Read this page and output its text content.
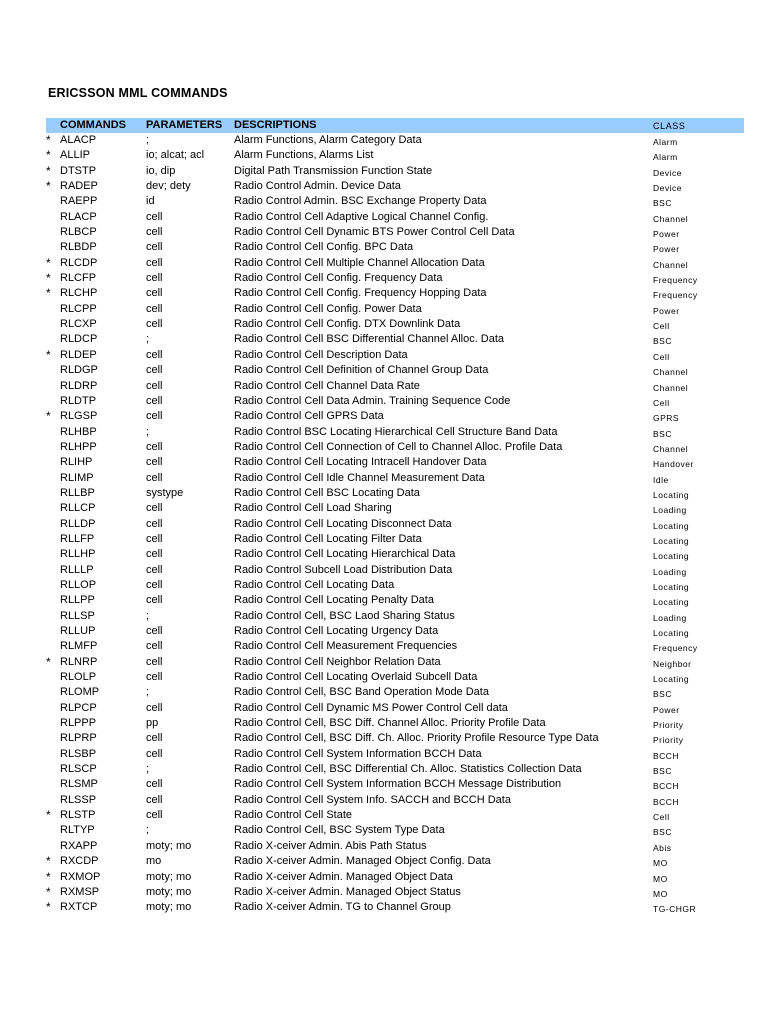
ERICSSON MML COMMANDS
COMMANDS PARAMETERS DESCRIPTIONS	CLASS
* ALACP	;	Alarm Functions, Alarm Category Data	Alarm
* ALLIP	io; alcat; acl	Alarm Functions, Alarms List	Alarm
* DTSTP	io, dip	Digital Path Transmission Function State	Device
* RADEP	dev; dety	Radio Control Admin. Device Data	Device
RAEPP	id	Radio Control Admin. BSC Exchange Property Data	BSC
RLACP	cell	Radio Control Cell Adaptive Logical Channel Config.	Channel
RLBCP	cell	Radio Control Cell Dynamic BTS Power Control Cell Data	Power
RLBDP	cell	Radio Control Cell Config. BPC Data	Power
* RLCDP	cell	Radio Control Cell Multiple Channel Allocation Data	Channel
* RLCFP	cell	Radio Control Cell Config. Frequency Data	Frequency
* RLCHP	cell	Radio Control Cell Config. Frequency Hopping Data	Frequency
RLCPP	cell	Radio Control Cell Config. Power Data	Power
RLCXP	cell	Radio Control Cell Config. DTX Downlink Data	Cell
RLDCP	;	Radio Control Cell BSC Differential Channel Alloc. Data	BSC
* RLDEP	cell	Radio Control Cell Description Data	Cell
RLDGP	cell	Radio Control Cell Definition of Channel Group Data	Channel
RLDRP	cell	Radio Control Cell Channel Data Rate	Channel
RLDTP	cell	Radio Control Cell Data Admin. Training Sequence Code	Cell
* RLGSP	cell	Radio Control Cell GPRS Data	GPRS
RLHBP	;	Radio Control BSC Locating Hierarchical Cell Structure Band Data	BSC
RLHPP	cell	Radio Control Cell Connection of Cell to Channel Alloc. Profile Data	Channel
RLIHP	cell	Radio Control Cell Locating Intracell Handover Data	Handover
RLIMP	cell	Radio Control Cell Idle Channel Measurement Data	Idle
RLLBP	systype	Radio Control Cell BSC Locating Data	Locating
RLLCP	cell	Radio Control Cell Load Sharing	Loading
RLLDP	cell	Radio Control Cell Locating Disconnect Data	Locating
RLLFP	cell	Radio Control Cell Locating Filter Data	Locating
RLLHP	cell	Radio Control Cell Locating Hierarchical Data	Locating
RLLLP	cell	Radio Control Subcell Load Distribution Data	Loading
RLLOP	cell	Radio Control Cell Locating Data	Locating
RLLPP	cell	Radio Control Cell Locating Penalty Data	Locating
RLLSP	;	Radio Control Cell, BSC Laod Sharing Status	Loading
RLLUP	cell	Radio Control Cell Locating Urgency Data	Locating
RLMFP	cell	Radio Control Cell Measurement Frequencies	Frequency
* RLNRP	cell	Radio Control Cell Neighbor Relation Data	Neighbor
RLOLP	cell	Radio Control Cell Locating Overlaid Subcell Data	Locating
RLOMP	;	Radio Control Cell, BSC Band Operation Mode Data	BSC
RLPCP	cell	Radio Control Cell Dynamic MS Power Control Cell data	Power
RLPPP	pp	Radio Control Cell, BSC Diff. Channel Alloc. Priority Profile Data	Priority
RLPRP	cell	Radio Control Cell, BSC Diff. Ch. Alloc. Priority Profile Resource Type Data	Priority
RLSBP	cell	Radio Control Cell System Information BCCH Data	BCCH
RLSCP	;	Radio Control Cell, BSC Differential Ch. Alloc. Statistics Collection Data	BSC
RLSMP	cell	Radio Control Cell System Information BCCH Message Distribution	BCCH
RLSSP	cell	Radio Control Cell System Info. SACCH and BCCH Data	BCCH
* RLSTP	cell	Radio Control Cell State	Cell
RLTYP	;	Radio Control Cell, BSC System Type Data	BSC
RXAPP	moty; mo	Radio X-ceiver Admin. Abis Path Status	Abis
* RXCDP	mo	Radio X-ceiver Admin. Managed Object Config. Data	MO
* RXMOP	moty; mo	Radio X-ceiver Admin. Managed Object Data	MO
* RXMSP	moty; mo	Radio X-ceiver Admin. Managed Object Status	MO
* RXTCP	moty; mo	Radio X-ceiver Admin. TG to Channel Group	TG-CHGR
